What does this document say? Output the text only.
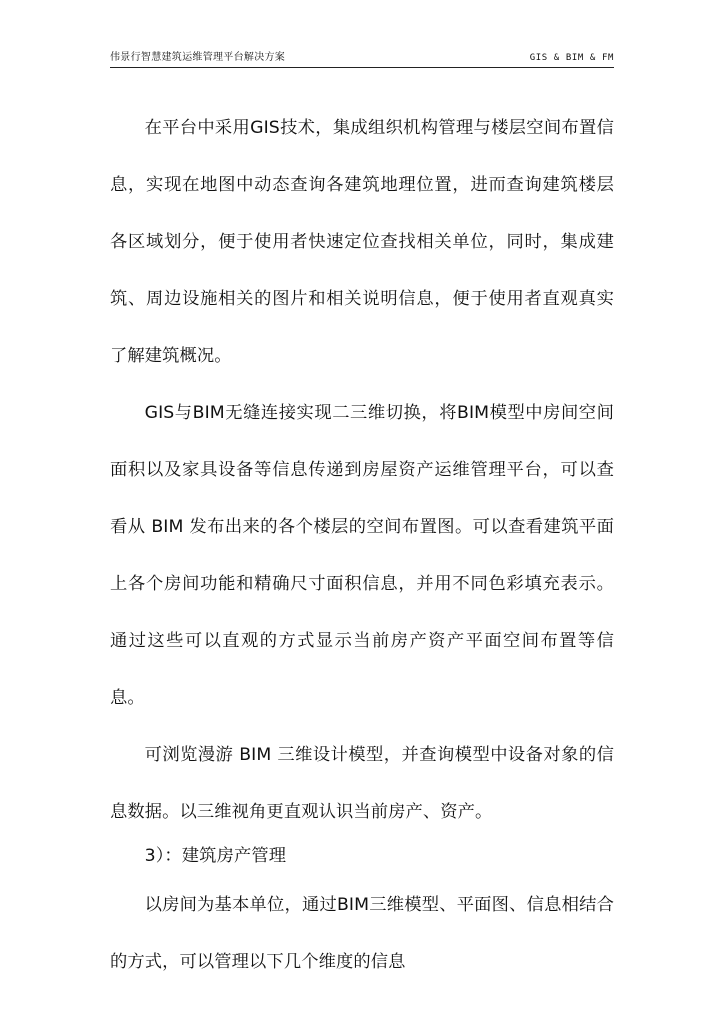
伟景行智慧建筑运维管理平台解决方案	GIS & BIM & FM

在平台中采用GIS技术，集成组织机构管理与楼层空间布置信息，实现在地图中动态查询各建筑地理位置，进而查询建筑楼层各区域划分，便于使用者快速定位查找相关单位，同时，集成建筑、周边设施相关的图片和相关说明信息，便于使用者直观真实了解建筑概况。

GIS与BIM无缝连接实现二三维切换，将BIM模型中房间空间面积以及家具设备等信息传递到房屋资产运维管理平台，可以查看从 BIM 发布出来的各个楼层的空间布置图。可以查看建筑平面上各个房间功能和精确尺寸面积信息，并用不同色彩填充表示。通过这些可以直观的方式显示当前房产资产平面空间布置等信息。

可浏览漫游 BIM 三维设计模型，并查询模型中设备对象的信息数据。以三维视角更直观认识当前房产、资产。

3）：建筑房产管理

以房间为基本单位，通过BIM三维模型、平面图、信息相结合的方式，可以管理以下几个维度的信息
